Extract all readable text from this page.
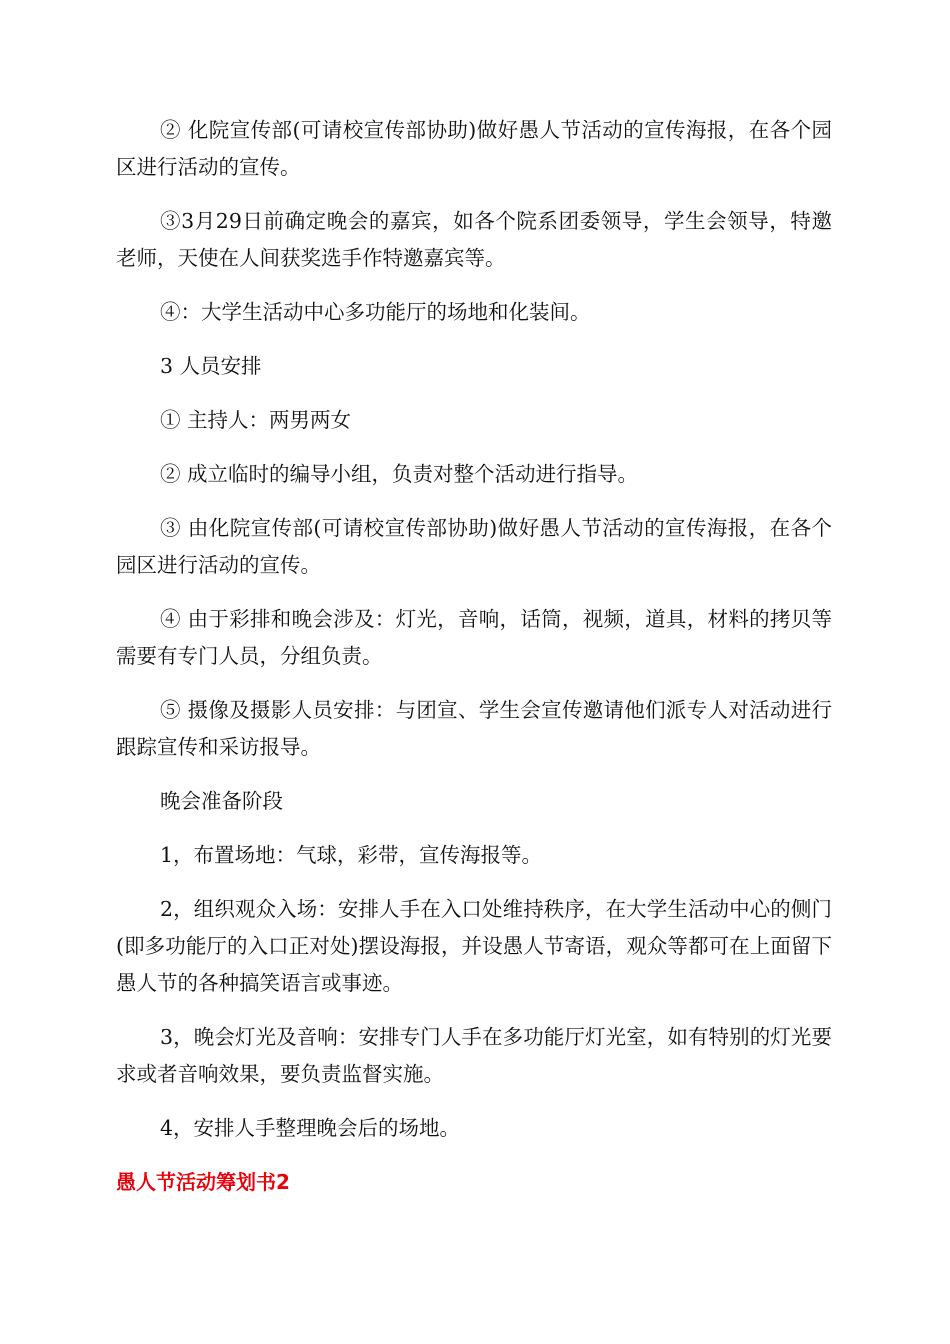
② 化院宣传部(可请校宣传部协助)做好愚人节活动的宣传海报，在各个园区进行活动的宣传。

③3月29日前确定晚会的嘉宾，如各个院系团委领导，学生会领导，特邀老师，天使在人间获奖选手作特邀嘉宾等。

④：大学生活动中心多功能厅的场地和化装间。

3 人员安排

① 主持人：两男两女

② 成立临时的编导小组，负责对整个活动进行指导。

③ 由化院宣传部(可请校宣传部协助)做好愚人节活动的宣传海报，在各个园区进行活动的宣传。

④ 由于彩排和晚会涉及：灯光，音响，话筒，视频，道具，材料的拷贝等需要有专门人员，分组负责。

⑤ 摄像及摄影人员安排：与团宣、学生会宣传邀请他们派专人对活动进行跟踪宣传和采访报导。

晚会准备阶段

1，布置场地：气球，彩带，宣传海报等。

2，组织观众入场：安排人手在入口处维持秩序，在大学生活动中心的侧门(即多功能厅的入口正对处)摆设海报，并设愚人节寄语，观众等都可在上面留下愚人节的各种搞笑语言或事迹。

3，晚会灯光及音响：安排专门人手在多功能厅灯光室，如有特别的灯光要求或者音响效果，要负责监督实施。

4，安排人手整理晚会后的场地。

愚人节活动筹划书2
